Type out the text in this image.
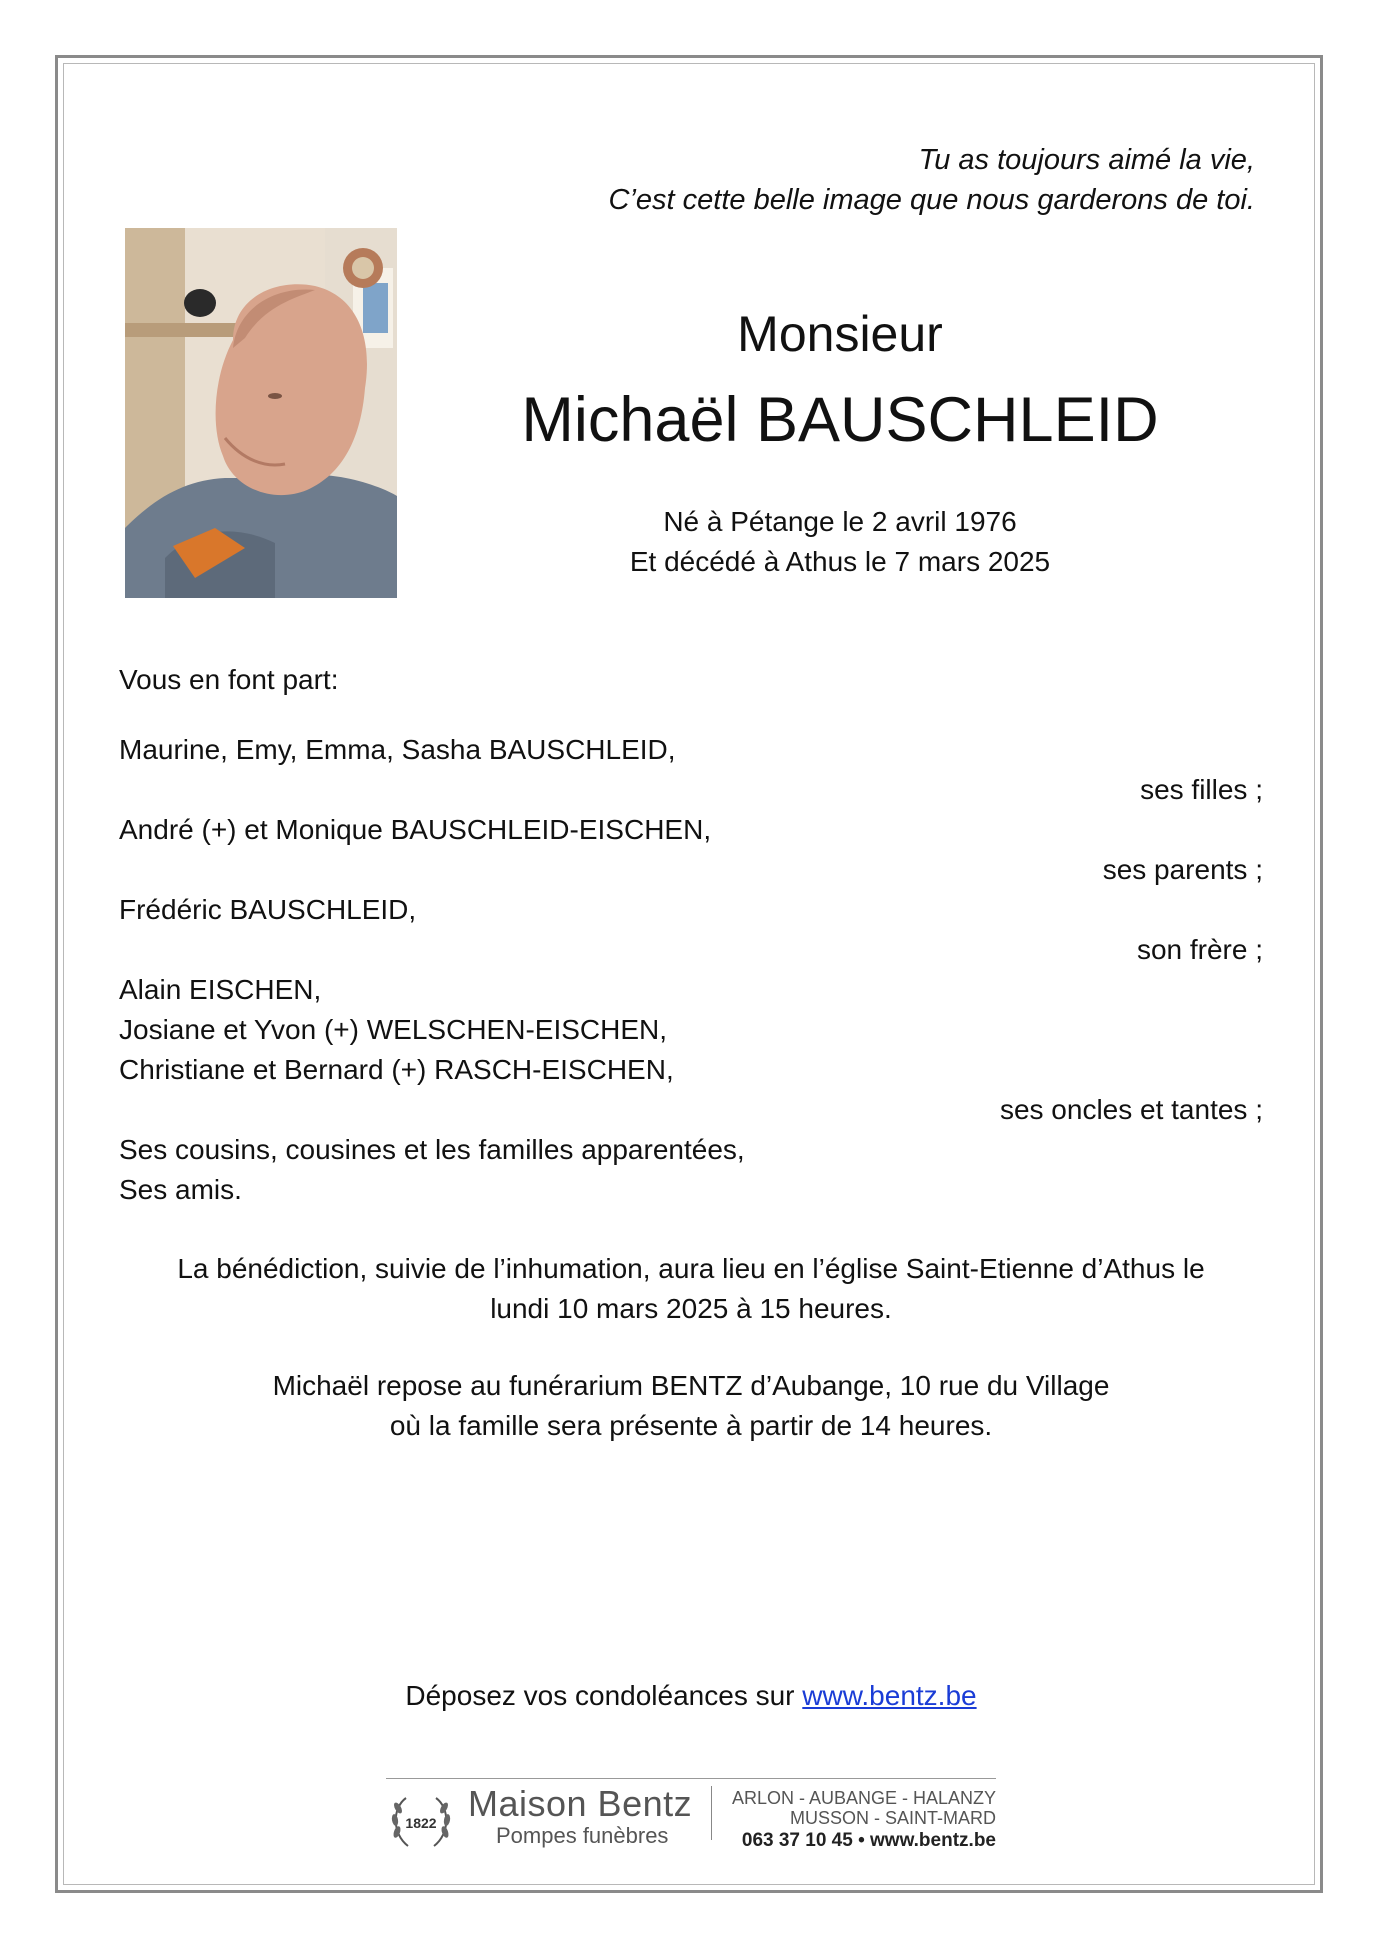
Tu as toujours aimé la vie,
C’est cette belle image que nous garderons de toi.
Monsieur
Michaël BAUSCHLEID
Né à Pétange le 2 avril 1976
Et décédé à Athus le 7 mars 2025
Vous en font part:
Maurine, Emy, Emma, Sasha BAUSCHLEID,
ses filles ;
André (+) et Monique BAUSCHLEID-EISCHEN,
ses parents ;
Frédéric BAUSCHLEID,
son frère ;
Alain EISCHEN,
Josiane et Yvon (+) WELSCHEN-EISCHEN,
Christiane et Bernard (+) RASCH-EISCHEN,
ses oncles et tantes ;
Ses cousins, cousines et les familles apparentées,
Ses amis.
La bénédiction, suivie de l’inhumation, aura lieu en l’église Saint-Etienne d’Athus le
lundi 10 mars 2025 à 15 heures.
Michaël repose au funérarium BENTZ d’Aubange, 10 rue du Village
où la famille sera présente à partir de 14 heures.
Déposez vos condoléances sur www.bentz.be
1822 Maison Bentz
Pompes funèbres
ARLON - AUBANGE - HALANZY
MUSSON - SAINT-MARD
063 37 10 45 • www.bentz.be
